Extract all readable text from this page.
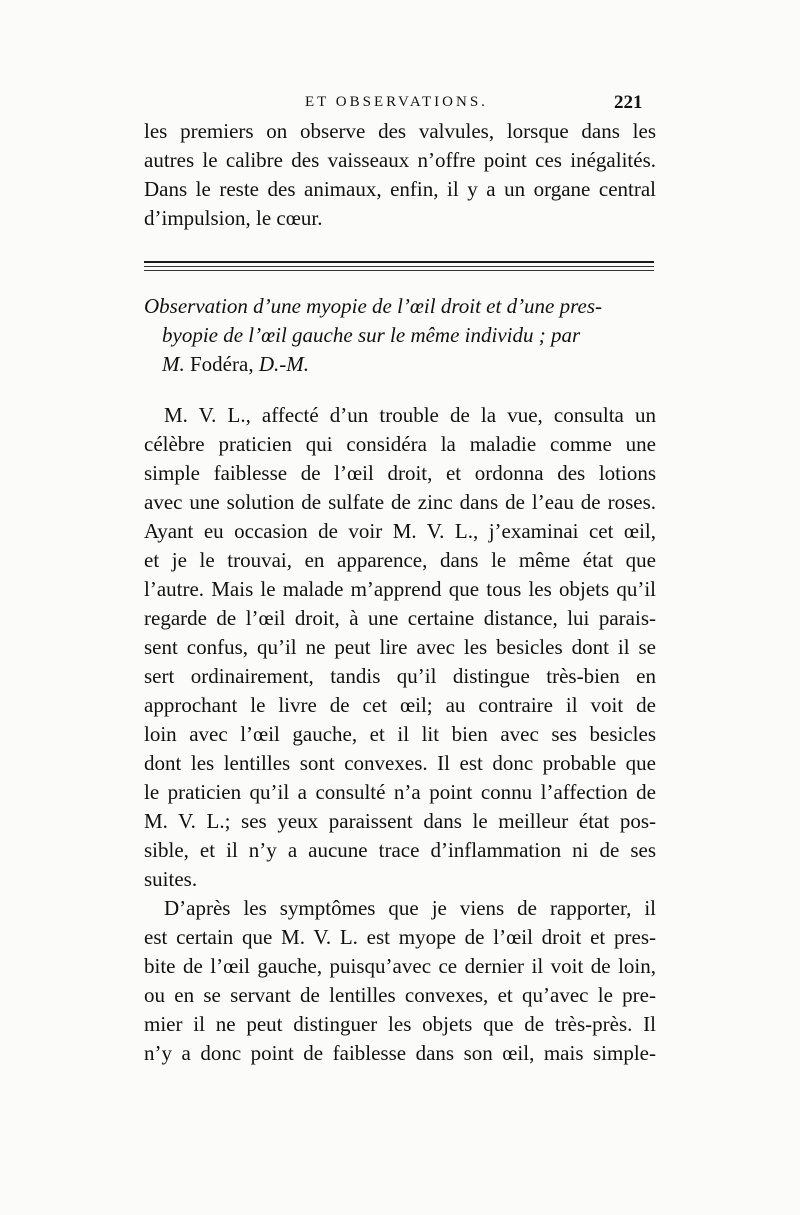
ET OBSERVATIONS.	221
les premiers on observe des valvules, lorsque dans les
autres le calibre des vaisseaux n’offre point ces inégalités.
Dans le reste des animaux, enfin, il y a un organe central
d’impulsion, le cœur.
Observation d’une myopie de l’œil droit et d’une pres-
byopie de l’œil gauche sur le même individu ; par
M. Fodéra, D.-M.
M. V. L., affecté d’un trouble de la vue, consulta un
célèbre praticien qui considéra la maladie comme une
simple faiblesse de l’œil droit, et ordonna des lotions
avec une solution de sulfate de zinc dans de l’eau de roses.
Ayant eu occasion de voir M. V. L., j’examinai cet œil,
et je le trouvai, en apparence, dans le même état que
l’autre. Mais le malade m’apprend que tous les objets qu’il
regarde de l’œil droit, à une certaine distance, lui parais-
sent confus, qu’il ne peut lire avec les besicles dont il se
sert ordinairement, tandis qu’il distingue très-bien en
approchant le livre de cet œil; au contraire il voit de
loin avec l’œil gauche, et il lit bien avec ses besicles
dont les lentilles sont convexes. Il est donc probable que
le praticien qu’il a consulté n’a point connu l’affection de
M. V. L.; ses yeux paraissent dans le meilleur état pos-
sible, et il n’y a aucune trace d’inflammation ni de ses
suites.
D’après les symptômes que je viens de rapporter, il
est certain que M. V. L. est myope de l’œil droit et pres-
bite de l’œil gauche, puisqu’avec ce dernier il voit de loin,
ou en se servant de lentilles convexes, et qu’avec le pre-
mier il ne peut distinguer les objets que de très-près. Il
n’y a donc point de faiblesse dans son œil, mais simple-
